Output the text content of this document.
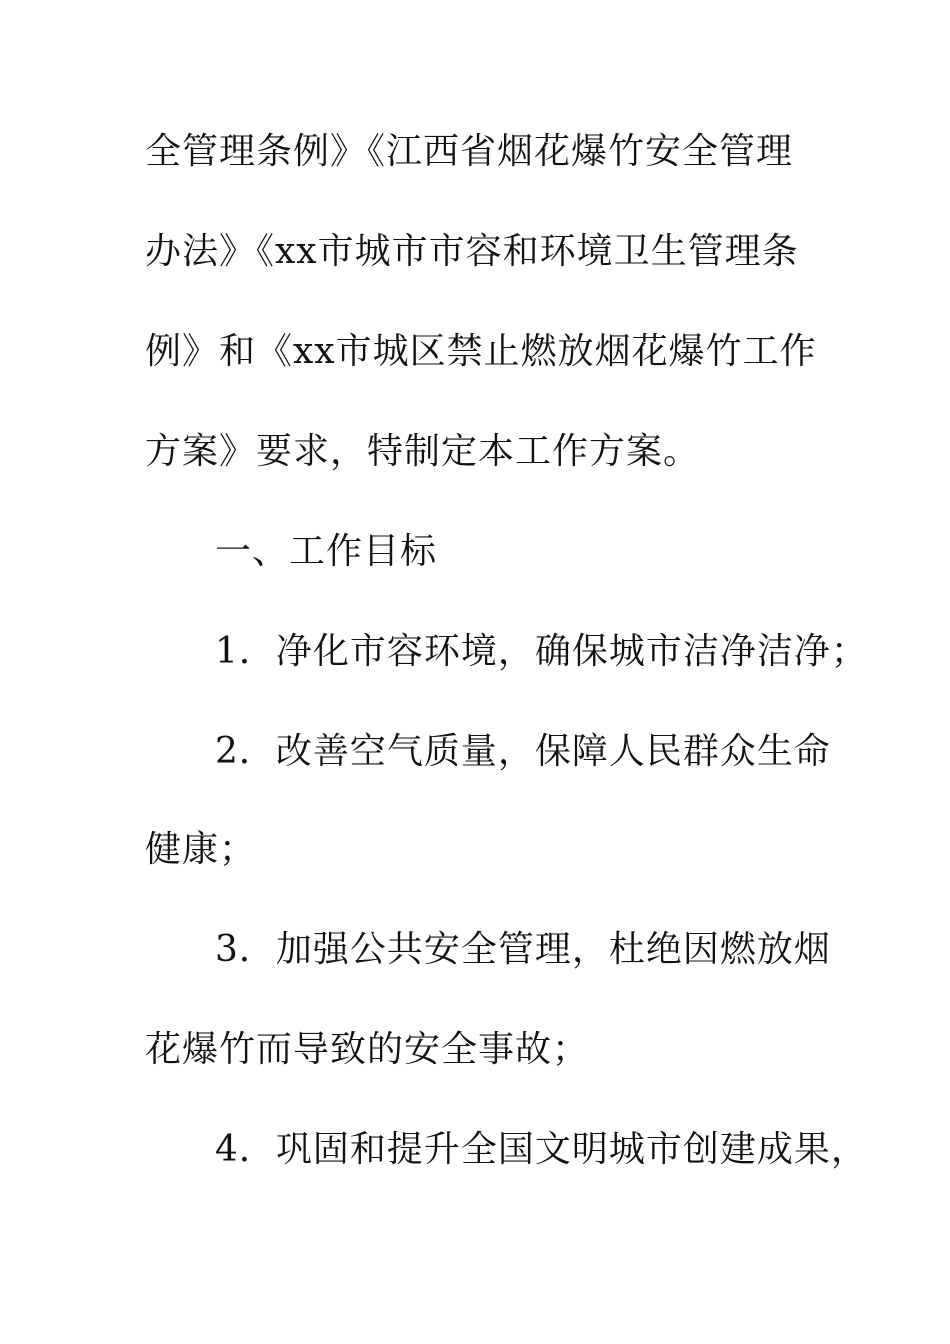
全管理条例》《江西省烟花爆竹安全管理
办法》《xx市城市市容和环境卫生管理条
例》和《xx市城区禁止燃放烟花爆竹工作
方案》要求，特制定本工作方案。
一、工作目标
1．净化市容环境，确保城市洁净洁净；
2．改善空气质量，保障人民群众生命
健康；
3．加强公共安全管理，杜绝因燃放烟
花爆竹而导致的安全事故；
4．巩固和提升全国文明城市创建成果，
